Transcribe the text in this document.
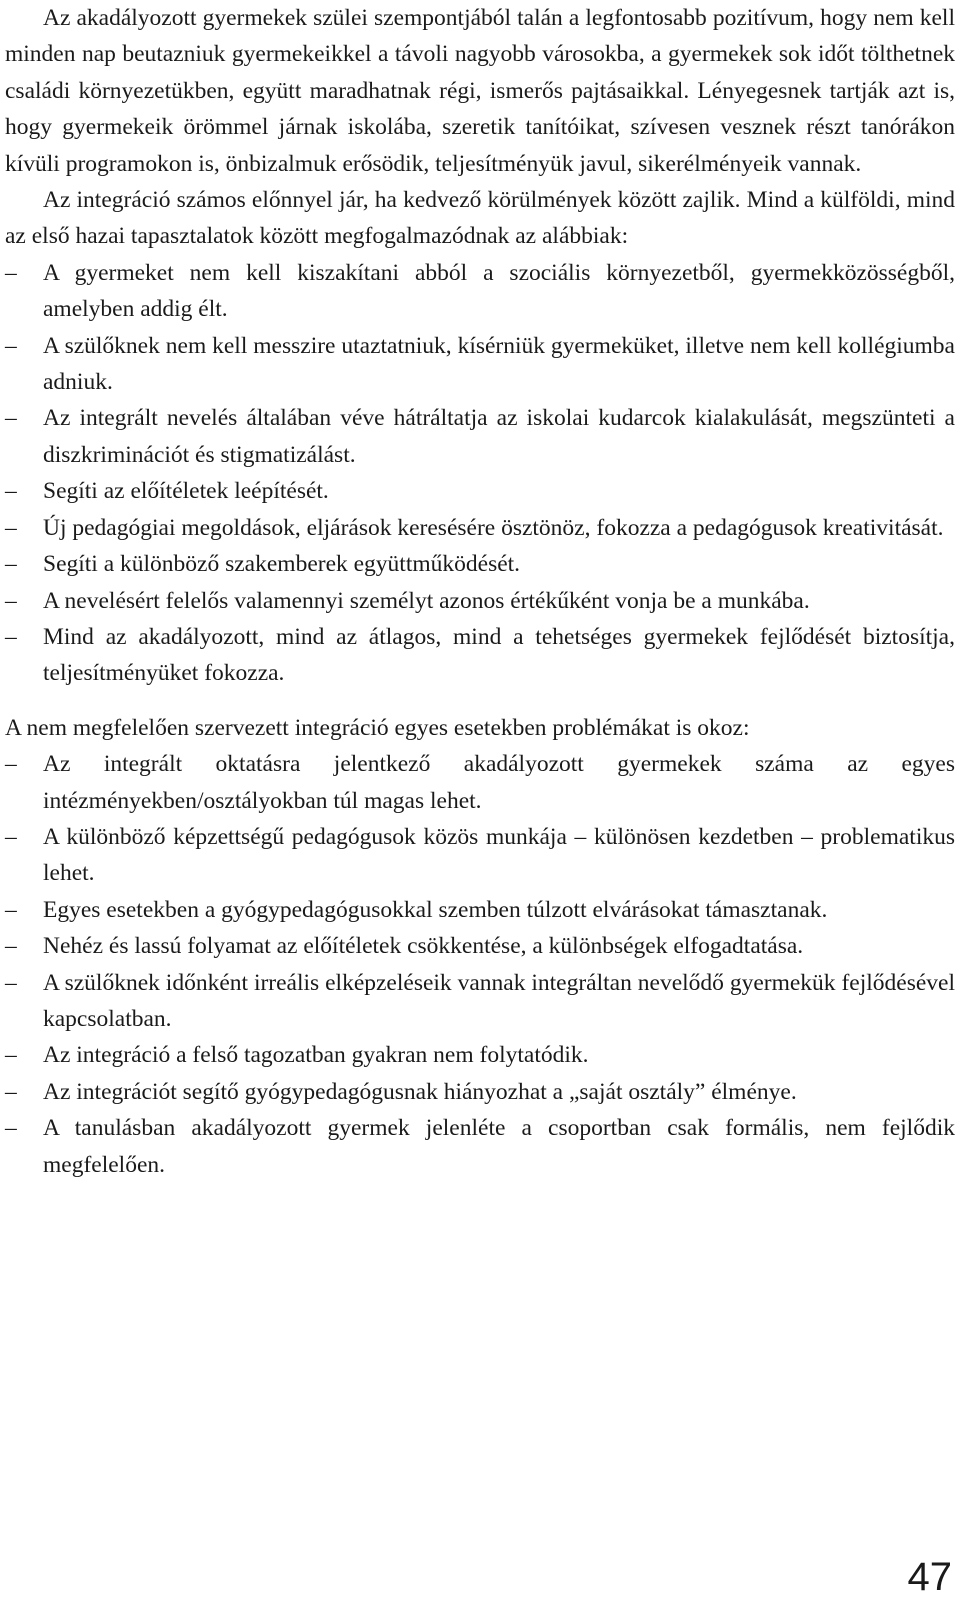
Az akadályozott gyermekek szülei szempontjából talán a legfontosabb pozitívum, hogy nem kell minden nap beutazniuk gyermekeikkel a távoli nagyobb városokba, a gyermekek sok időt tölthetnek családi környezetükben, együtt maradhatnak régi, ismerős pajtásaikkal. Lényegesnek tartják azt is, hogy gyermekeik örömmel járnak iskolába, szeretik tanítóikat, szívesen vesznek részt tanórákon kívüli programokon is, önbizalmuk erősödik, teljesítményük javul, sikerélményeik vannak.

Az integráció számos előnnyel jár, ha kedvező körülmények között zajlik. Mind a külföldi, mind az első hazai tapasztalatok között megfogalmazódnak az alábbiak:

– A gyermeket nem kell kiszakítani abból a szociális környezetből, gyermekközösségből, amelyben addig élt.
– A szülőknek nem kell messzire utaztatniuk, kísérniük gyermeküket, illetve nem kell kollégiumba adniuk.
– Az integrált nevelés általában véve hátráltatja az iskolai kudarcok kialakulását, megszünteti a diszkriminációt és stigmatizálást.
– Segíti az előítéletek leépítését.
– Új pedagógiai megoldások, eljárások keresésére ösztönöz, fokozza a pedagógusok kreativitását.
– Segíti a különböző szakemberek együttműködését.
– A nevelésért felelős valamennyi személyt azonos értékűként vonja be a munkába.
– Mind az akadályozott, mind az átlagos, mind a tehetséges gyermekek fejlődését biztosítja, teljesítményüket fokozza.

A nem megfelelően szervezett integráció egyes esetekben problémákat is okoz:

– Az integrált oktatásra jelentkező akadályozott gyermekek száma az egyes intézményekben/osztályokban túl magas lehet.
– A különböző képzettségű pedagógusok közös munkája – különösen kezdetben – problematikus lehet.
– Egyes esetekben a gyógypedagógusokkal szemben túlzott elvárásokat támasztanak.
– Nehéz és lassú folyamat az előítéletek csökkentése, a különbségek elfogadtatása.
– A szülőknek időnként irreális elképzeléseik vannak integráltan nevelődő gyermekük fejlődésével kapcsolatban.
– Az integráció a felső tagozatban gyakran nem folytatódik.
– Az integrációt segítő gyógypedagógusnak hiányozhat a „saját osztály” élménye.
– A tanulásban akadályozott gyermek jelenléte a csoportban csak formális, nem fejlődik megfelelően.
47
